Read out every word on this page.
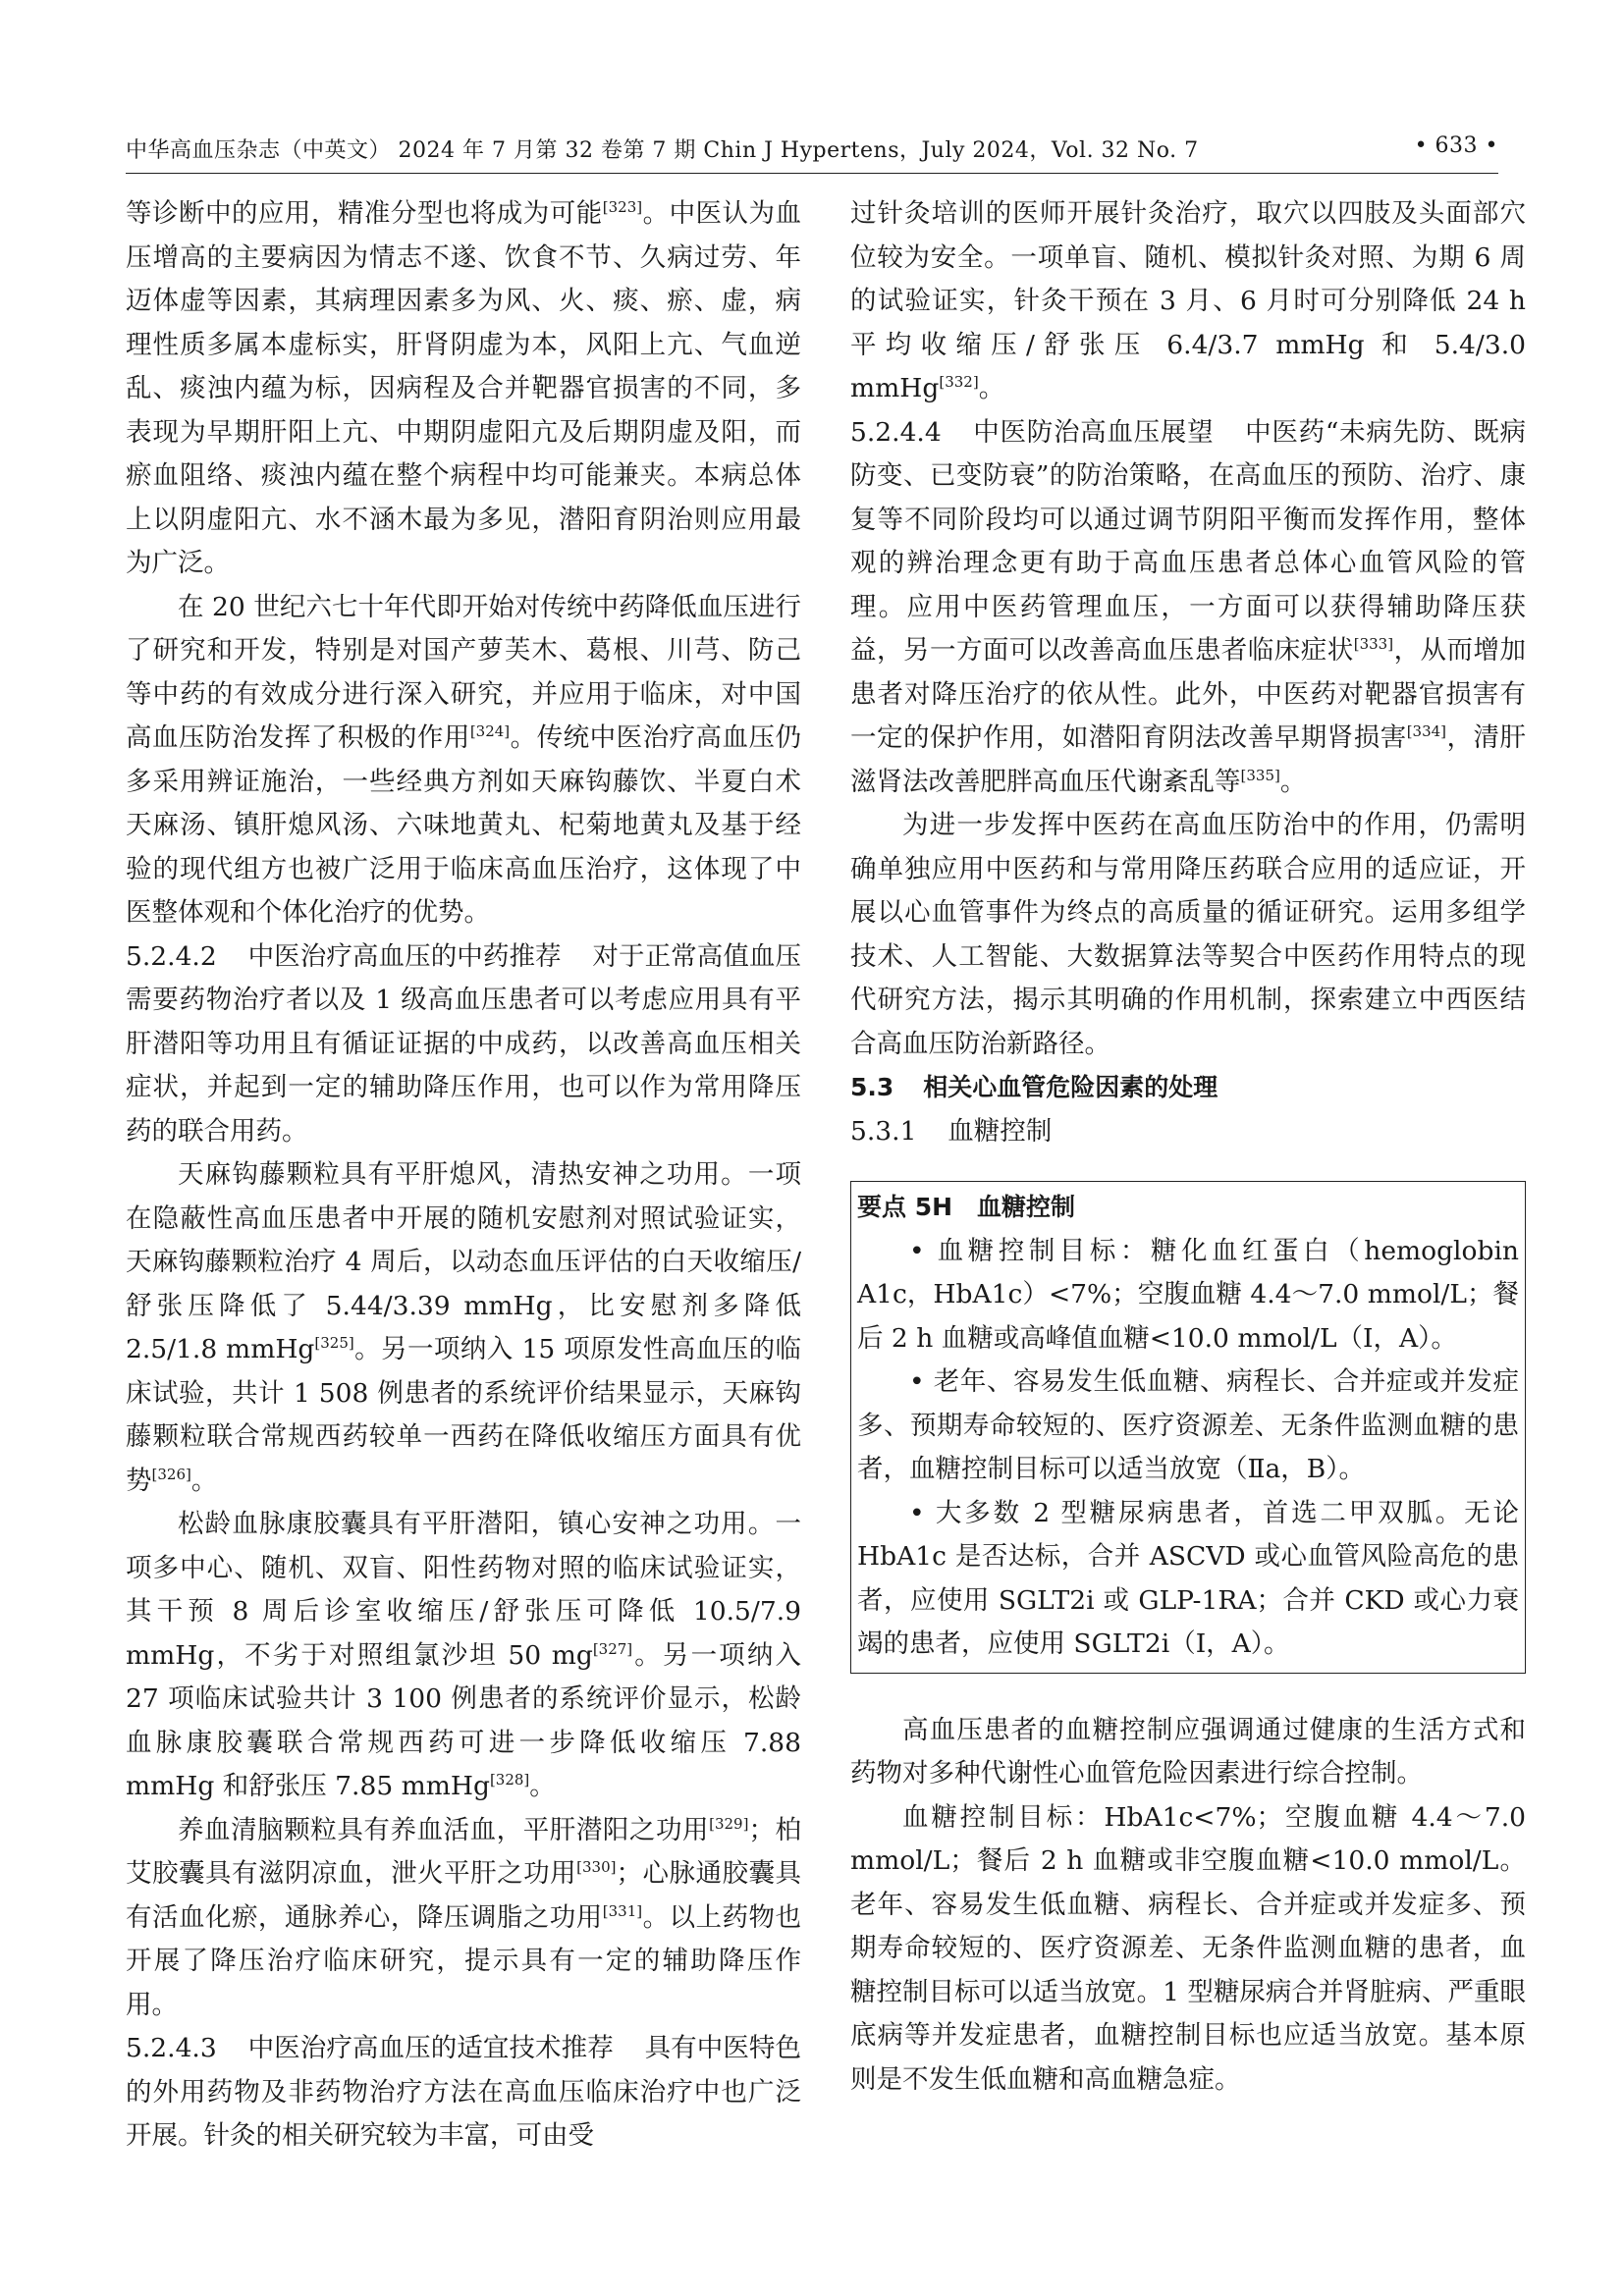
中华高血压杂志（中英文） 2024 年 7 月第 32 卷第 7 期 Chin J Hypertens，July 2024，Vol. 32 No. 7	• 633 •

等诊断中的应用，精准分型也将成为可能[323]。中医认为血压增高的主要病因为情志不遂、饮食不节、久病过劳、年迈体虚等因素，其病理因素多为风、火、痰、瘀、虚，病理性质多属本虚标实，肝肾阴虚为本，风阳上亢、气血逆乱、痰浊内蕴为标，因病程及合并靶器官损害的不同，多表现为早期肝阳上亢、中期阴虚阳亢及后期阴虚及阳，而瘀血阻络、痰浊内蕴在整个病程中均可能兼夹。本病总体上以阴虚阳亢、水不涵木最为多见，潜阳育阴治则应用最为广泛。

在 20 世纪六七十年代即开始对传统中药降低血压进行了研究和开发，特别是对国产萝芙木、葛根、川芎、防己等中药的有效成分进行深入研究，并应用于临床，对中国高血压防治发挥了积极的作用[324]。传统中医治疗高血压仍多采用辨证施治，一些经典方剂如天麻钩藤饮、半夏白术天麻汤、镇肝熄风汤、六味地黄丸、杞菊地黄丸及基于经验的现代组方也被广泛用于临床高血压治疗，这体现了中医整体观和个体化治疗的优势。

5.2.4.2 中医治疗高血压的中药推荐 对于正常高值血压需要药物治疗者以及 1 级高血压患者可以考虑应用具有平肝潜阳等功用且有循证证据的中成药，以改善高血压相关症状，并起到一定的辅助降压作用，也可以作为常用降压药的联合用药。

天麻钩藤颗粒具有平肝熄风，清热安神之功用。一项在隐蔽性高血压患者中开展的随机安慰剂对照试验证实，天麻钩藤颗粒治疗 4 周后，以动态血压评估的白天收缩压/舒张压降低了 5.44/3.39 mmHg，比安慰剂多降低 2.5/1.8 mmHg[325]。另一项纳入 15 项原发性高血压的临床试验，共计 1 508 例患者的系统评价结果显示，天麻钩藤颗粒联合常规西药较单一西药在降低收缩压方面具有优势[326]。

松龄血脉康胶囊具有平肝潜阳，镇心安神之功用。一项多中心、随机、双盲、阳性药物对照的临床试验证实，其干预 8 周后诊室收缩压/舒张压可降低 10.5/7.9 mmHg，不劣于对照组氯沙坦 50 mg[327]。另一项纳入 27 项临床试验共计 3 100 例患者的系统评价显示，松龄血脉康胶囊联合常规西药可进一步降低收缩压 7.88 mmHg 和舒张压 7.85 mmHg[328]。

养血清脑颗粒具有养血活血，平肝潜阳之功用[329]；柏艾胶囊具有滋阴凉血，泄火平肝之功用[330]；心脉通胶囊具有活血化瘀，通脉养心，降压调脂之功用[331]。以上药物也开展了降压治疗临床研究，提示具有一定的辅助降压作用。

5.2.4.3 中医治疗高血压的适宜技术推荐 具有中医特色的外用药物及非药物治疗方法在高血压临床治疗中也广泛开展。针灸的相关研究较为丰富，可由受

过针灸培训的医师开展针灸治疗，取穴以四肢及头面部穴位较为安全。一项单盲、随机、模拟针灸对照、为期 6 周的试验证实，针灸干预在 3 月、6 月时可分别降低 24 h 平均收缩压/舒张压 6.4/3.7 mmHg 和 5.4/3.0 mmHg[332]。

5.2.4.4 中医防治高血压展望 中医药“未病先防、既病防变、已变防衰”的防治策略，在高血压的预防、治疗、康复等不同阶段均可以通过调节阴阳平衡而发挥作用，整体观的辨治理念更有助于高血压患者总体心血管风险的管理。应用中医药管理血压，一方面可以获得辅助降压获益，另一方面可以改善高血压患者临床症状[333]，从而增加患者对降压治疗的依从性。此外，中医药对靶器官损害有一定的保护作用，如潜阳育阴法改善早期肾损害[334]，清肝滋肾法改善肥胖高血压代谢紊乱等[335]。

为进一步发挥中医药在高血压防治中的作用，仍需明确单独应用中医药和与常用降压药联合应用的适应证，开展以心血管事件为终点的高质量的循证研究。运用多组学技术、人工智能、大数据算法等契合中医药作用特点的现代研究方法，揭示其明确的作用机制，探索建立中西医结合高血压防治新路径。

5.3 相关心血管危险因素的处理

5.3.1 血糖控制

要点 5H 血糖控制

• 血糖控制目标：糖化血红蛋白（hemoglobin A1c，HbA1c）<7%；空腹血糖 4.4～7.0 mmol/L；餐后 2 h 血糖或高峰值血糖<10.0 mmol/L（Ⅰ，A）。

• 老年、容易发生低血糖、病程长、合并症或并发症多、预期寿命较短的、医疗资源差、无条件监测血糖的患者，血糖控制目标可以适当放宽（Ⅱa，B）。

• 大多数 2 型糖尿病患者，首选二甲双胍。无论 HbA1c 是否达标，合并 ASCVD 或心血管风险高危的患者，应使用 SGLT2i 或 GLP-1RA；合并 CKD 或心力衰竭的患者，应使用 SGLT2i（Ⅰ，A）。

高血压患者的血糖控制应强调通过健康的生活方式和药物对多种代谢性心血管危险因素进行综合控制。

血糖控制目标：HbA1c<7%；空腹血糖 4.4～7.0 mmol/L；餐后 2 h 血糖或非空腹血糖<10.0 mmol/L。老年、容易发生低血糖、病程长、合并症或并发症多、预期寿命较短的、医疗资源差、无条件监测血糖的患者，血糖控制目标可以适当放宽。1 型糖尿病合并肾脏病、严重眼底病等并发症患者，血糖控制目标也应适当放宽。基本原则是不发生低血糖和高血糖急症。
